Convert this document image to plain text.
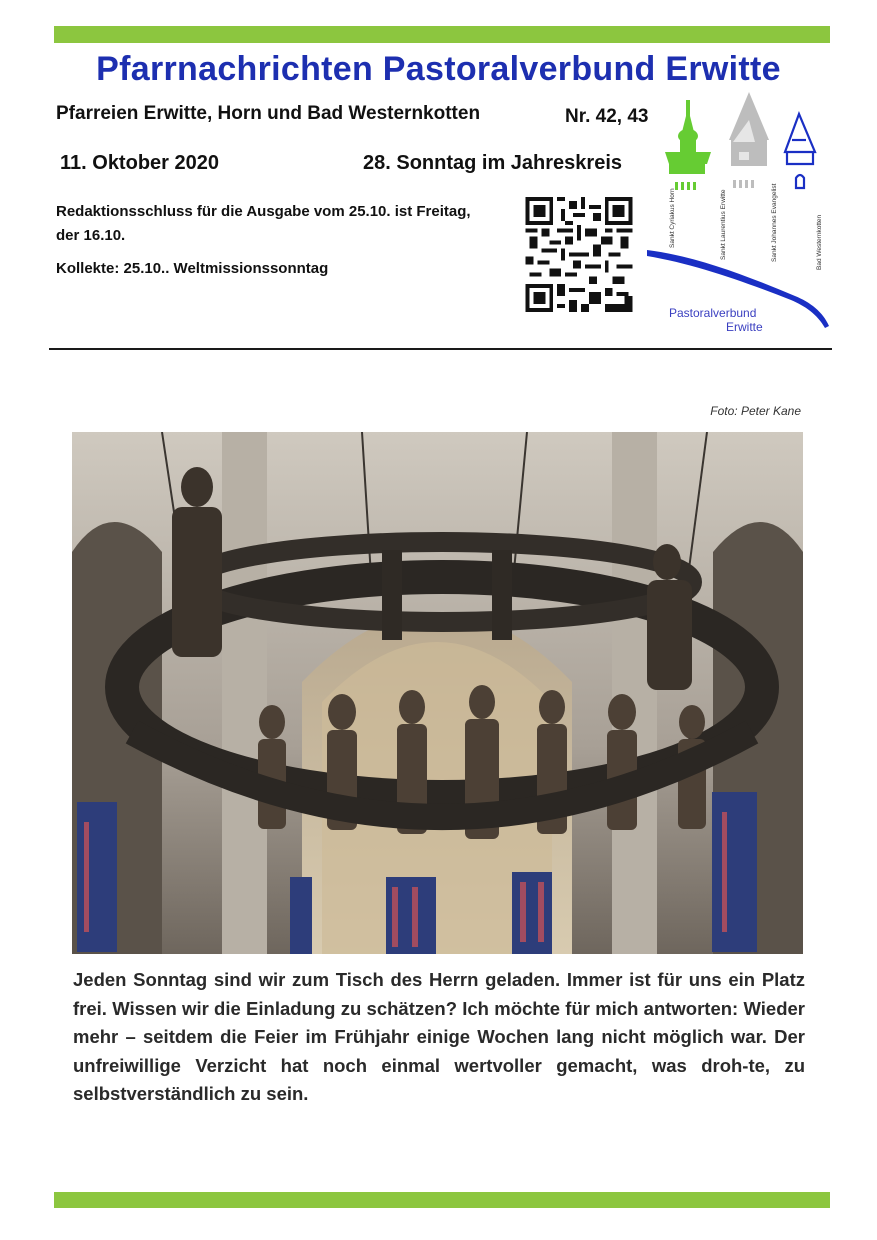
Pfarrnachrichten Pastoralverbund Erwitte
Pfarreien Erwitte, Horn und Bad Westernkotten	Nr. 42, 43
11. Oktober 2020	28. Sonntag im Jahreskreis
Redaktionsschluss für die Ausgabe vom 25.10. ist Freitag, der 16.10.
Kollekte: 25.10.. Weltmissionssonntag
Sankt Cyriakus Horn	Sankt Laurentius Erwitte	Sankt Johannes Evangelist	Bad Westernkotten
Pastoralverbund
Erwitte
Foto: Peter Kane
Jeden Sonntag sind wir zum Tisch des Herrn geladen. Immer ist für uns ein Platz frei. Wissen wir die Einladung zu schätzen? Ich möchte für mich antworten: Wieder mehr – seitdem die Feier im Frühjahr einige Wochen lang nicht möglich war. Der unfreiwillige Verzicht hat noch einmal wertvoller gemacht, was droh-te, zu selbstverständlich zu sein.
